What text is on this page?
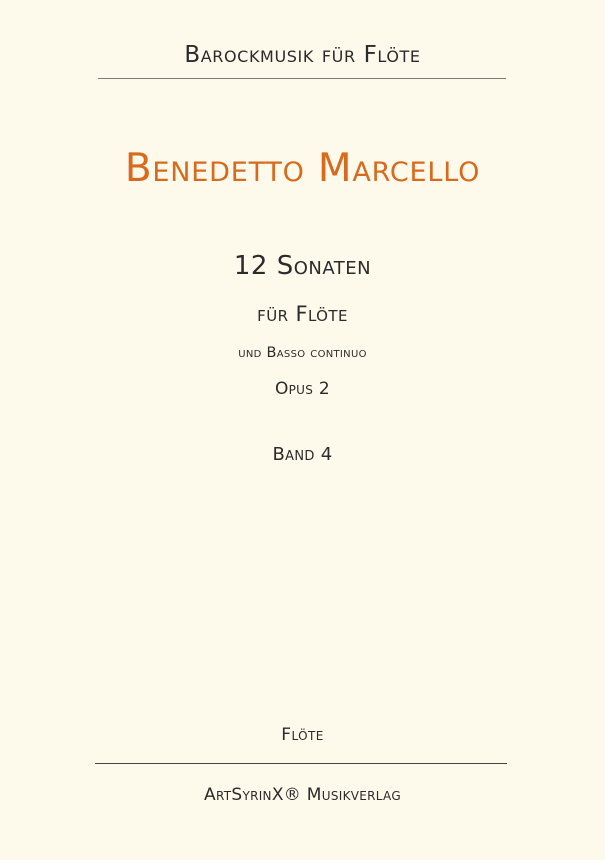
Barockmusik für Flöte
Benedetto Marcello
12 Sonaten
für Flöte
und Basso continuo
Opus 2
Band 4
Flöte
ArtSyrinX® Musikverlag
